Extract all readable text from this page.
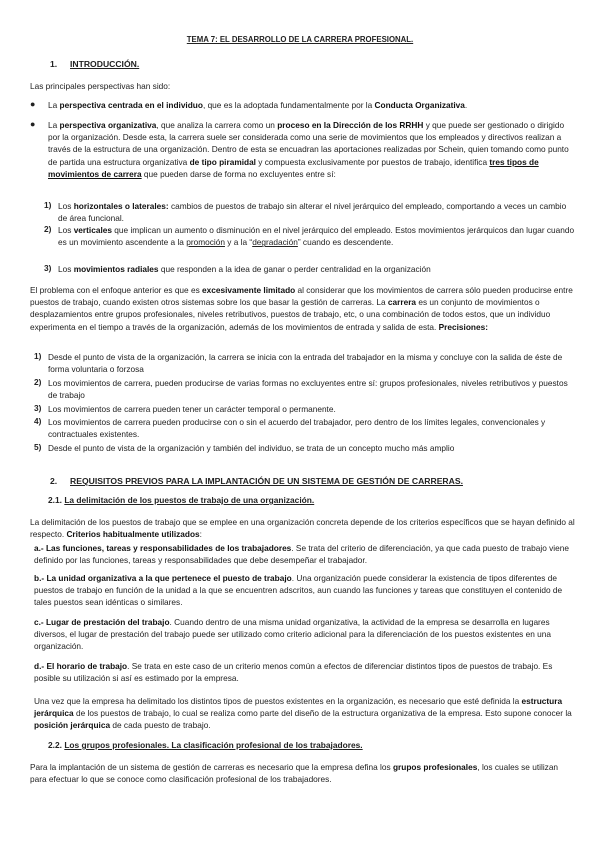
TEMA 7: EL DESARROLLO DE LA CARRERA PROFESIONAL.
1. INTRODUCCIÓN.

Las principales perspectivas han sido:

● La perspectiva centrada en el individuo, que es la adoptada fundamentalmente por la Conducta Organizativa.

● La perspectiva organizativa, que analiza la carrera como un proceso en la Dirección de los RRHH y que puede ser gestionado o dirigido por la organización. Desde esta, la carrera suele ser considerada como una serie de movimientos que los empleados y directivos realizan a través de la estructura de una organización. Dentro de esta se encuadran las aportaciones realizadas por Schein, quien tomando como punto de partida una estructura organizativa de tipo piramidal y compuesta exclusivamente por puestos de trabajo, identifica tres tipos de movimientos de carrera que pueden darse de forma no excluyentes entre sí:

1) Los horizontales o laterales: cambios de puestos de trabajo sin alterar el nivel jerárquico del empleado, comportando a veces un cambio de área funcional.

2) Los verticales que implican un aumento o disminución en el nivel jerárquico del empleado. Estos movimientos jerárquicos dan lugar cuando es un movimiento ascendente a la promoción y a la “degradación” cuando es descendente.

3) Los movimientos radiales que responden a la idea de ganar o perder centralidad en la organización

El problema con el enfoque anterior es que es excesivamente limitado al considerar que los movimientos de carrera sólo pueden producirse entre puestos de trabajo, cuando existen otros sistemas sobre los que basar la gestión de carreras. La carrera es un conjunto de movimientos o desplazamientos entre grupos profesionales, niveles retributivos, puestos de trabajo, etc, o una combinación de todos estos, que un individuo experimenta en el tiempo a través de la organización, además de los movimientos de entrada y salida de esta. Precisiones:

1) Desde el punto de vista de la organización, la carrera se inicia con la entrada del trabajador en la misma y concluye con la salida de éste de forma voluntaria o forzosa

2) Los movimientos de carrera, pueden producirse de varias formas no excluyentes entre sí: grupos profesionales, niveles retributivos y puestos de trabajo

3) Los movimientos de carrera pueden tener un carácter temporal o permanente.

4) Los movimientos de carrera pueden producirse con o sin el acuerdo del trabajador, pero dentro de los límites legales, convencionales y contractuales existentes.

5) Desde el punto de vista de la organización y también del individuo, se trata de un concepto mucho más amplio

2. REQUISITOS PREVIOS PARA LA IMPLANTACIÓN DE UN SISTEMA DE GESTIÓN DE CARRERAS.
2.1. La delimitación de los puestos de trabajo de una organización.

La delimitación de los puestos de trabajo que se emplee en una organización concreta depende de los criterios específicos que se hayan definido al respecto. Criterios habitualmente utilizados:

a.- Las funciones, tareas y responsabilidades de los trabajadores. Se trata del criterio de diferenciación, ya que cada puesto de trabajo viene definido por las funciones, tareas y responsabilidades que debe desempeñar el trabajador.

b.- La unidad organizativa a la que pertenece el puesto de trabajo. Una organización puede considerar la existencia de tipos diferentes de puestos de trabajo en función de la unidad a la que se encuentren adscritos, aun cuando las funciones y tareas que constituyen el contenido de tales puestos sean idénticas o similares.

c.- Lugar de prestación del trabajo. Cuando dentro de una misma unidad organizativa, la actividad de la empresa se desarrolla en lugares diversos, el lugar de prestación del trabajo puede ser utilizado como criterio adicional para la diferenciación de los puestos existentes en una organización.

d.- El horario de trabajo. Se trata en este caso de un criterio menos común a efectos de diferenciar distintos tipos de puestos de trabajo. Es posible su utilización si así es estimado por la empresa.

Una vez que la empresa ha delimitado los distintos tipos de puestos existentes en la organización, es necesario que esté definida la estructura jerárquica de los puestos de trabajo, lo cual se realiza como parte del diseño de la estructura organizativa de la empresa. Esto supone conocer la posición jerárquica de cada puesto de trabajo.

2.2. Los grupos profesionales. La clasificación profesional de los trabajadores.

Para la implantación de un sistema de gestión de carreras es necesario que la empresa defina los grupos profesionales, los cuales se utilizan para efectuar lo que se conoce como clasificación profesional de los trabajadores.
